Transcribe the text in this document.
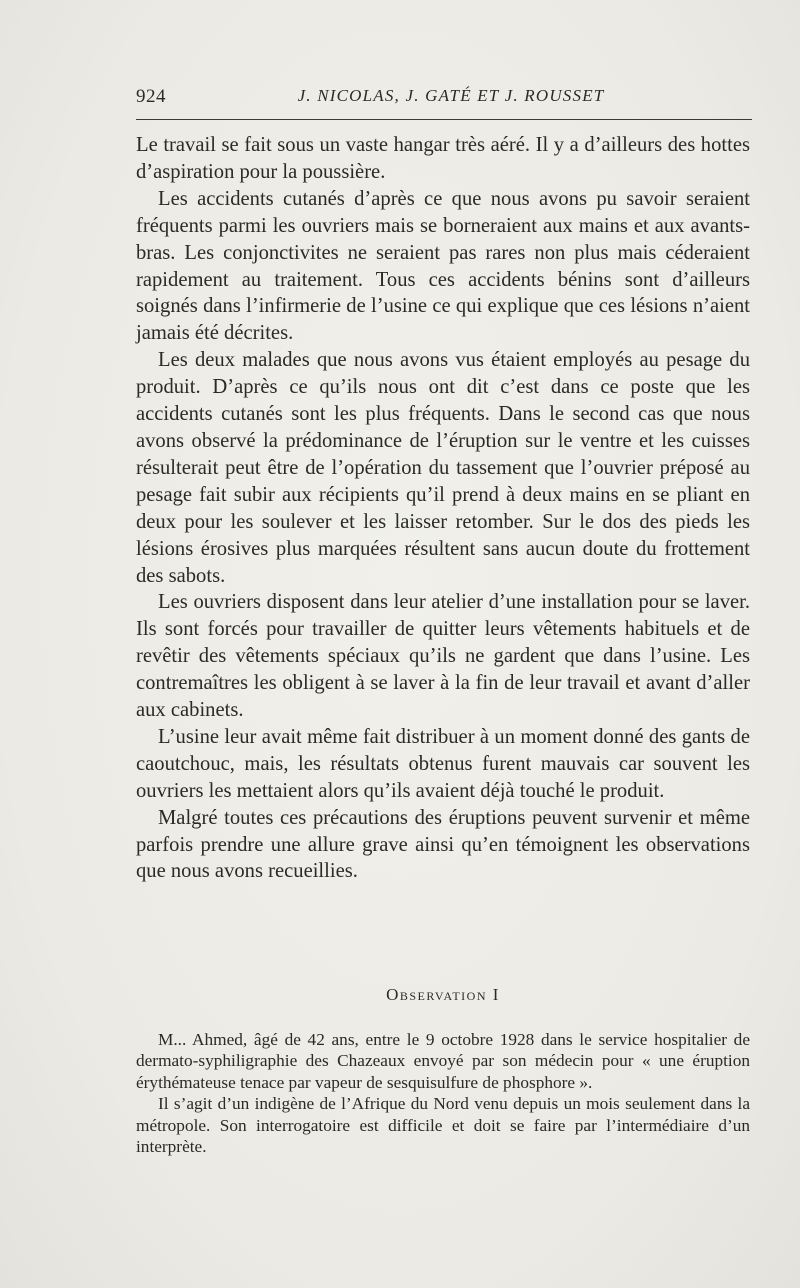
924	J. NICOLAS, J. GATÉ ET J. ROUSSET

Le travail se fait sous un vaste hangar très aéré. Il y a d’ailleurs des hottes d’aspiration pour la poussière.

Les accidents cutanés d’après ce que nous avons pu savoir seraient fréquents parmi les ouvriers mais se borneraient aux mains et aux avants-bras. Les conjonctivites ne seraient pas rares non plus mais céderaient rapidement au traitement. Tous ces accidents bénins sont d’ailleurs soignés dans l’infirmerie de l’usine ce qui explique que ces lésions n’aient jamais été décrites.

Les deux malades que nous avons vus étaient employés au pesage du produit. D’après ce qu’ils nous ont dit c’est dans ce poste que les accidents cutanés sont les plus fréquents. Dans le second cas que nous avons observé la prédominance de l’éruption sur le ventre et les cuisses résulterait peut être de l’opération du tassement que l’ouvrier préposé au pesage fait subir aux récipients qu’il prend à deux mains en se pliant en deux pour les soulever et les laisser retomber. Sur le dos des pieds les lésions érosives plus marquées résultent sans aucun doute du frottement des sabots.

Les ouvriers disposent dans leur atelier d’une installation pour se laver. Ils sont forcés pour travailler de quitter leurs vêtements habituels et de revêtir des vêtements spéciaux qu’ils ne gardent que dans l’usine. Les contremaîtres les obligent à se laver à la fin de leur travail et avant d’aller aux cabinets.

L’usine leur avait même fait distribuer à un moment donné des gants de caoutchouc, mais, les résultats obtenus furent mauvais car souvent les ouvriers les mettaient alors qu’ils avaient déjà touché le produit.

Malgré toutes ces précautions des éruptions peuvent survenir et même parfois prendre une allure grave ainsi qu’en témoignent les observations que nous avons recueillies.

Observation I

M... Ahmed, âgé de 42 ans, entre le 9 octobre 1928 dans le service hospitalier de dermato-syphiligraphie des Chazeaux envoyé par son médecin pour « une éruption érythémateuse tenace par vapeur de sesquisulfure de phosphore ».

Il s’agit d’un indigène de l’Afrique du Nord venu depuis un mois seulement dans la métropole. Son interrogatoire est difficile et doit se faire par l’intermédiaire d’un interprète.
